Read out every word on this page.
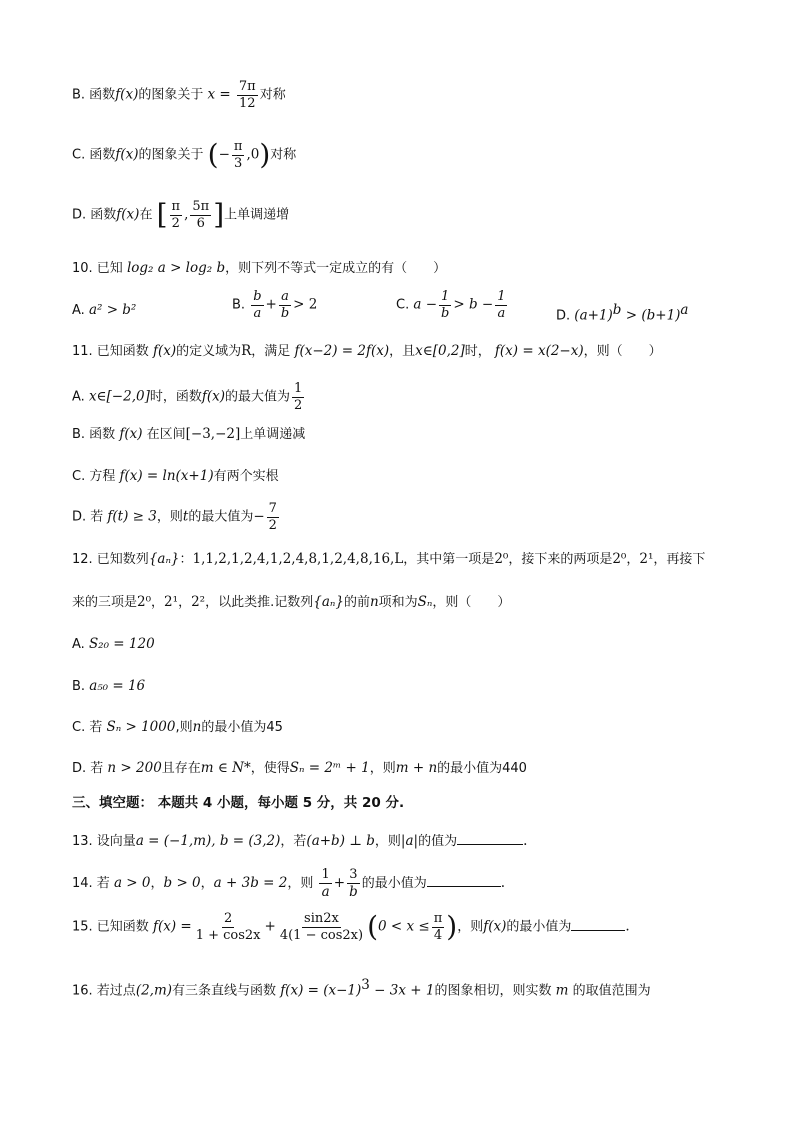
B. 函数f(x)的图象关于 $x = \frac{7\pi}{12}$ 对称
C. 函数f(x)的图象关于 (− $\frac{\pi}{3} ,0$)对称
D. 函数f(x)在 [ $\frac{\pi}{2}$ , $\frac{5\pi}{6}$ ]上单调递增
10. 已知 log₂ a > log₂ b，则下列不等式一定成立的有（　　）
A. a² > b²	B. $\frac{b}{a} + \frac{a}{b} > 2$	C. $a - \frac{1}{b} > b - \frac{1}{a}$	D. $(a+1)^b > (b+1)^a$
11. 已知函数 f(x)的定义域为R，满足 f(x−2) = 2f(x)，且x∈[0,2]时， f(x) = x(2−x)，则（　　）
A. x∈[−2,0]时，函数f(x)的最大值为 $\frac{1}{2}$
B. 函数 f(x) 在区间[−3,−2]上单调递减
C. 方程 f(x) = ln(x+1)有两个实根
D. 若 f(t) ≥ 3，则t的最大值为− $\frac{7}{2}$
12. 已知数列{aₙ}：1,1,2,1,2,4,1,2,4,8,1,2,4,8,16,L，其中第一项是2⁰，接下来的两项是2⁰，2¹，再接下
来的三项是2⁰，2¹，2²，以此类推.记数列{aₙ}的前n项和为Sₙ，则（　　）
A. S₂₀ = 120
B. a₅₀ = 16
C. 若 Sₙ > 1000,则n的最小值为45
D. 若 n > 200且存在m ∈ N*，使得Sₙ = 2ᵐ + 1，则m + n的最小值为440
三、填空题： 本题共 4 小题，每小题 5 分，共 20 分.
13. 设向量a = (−1,m), b = (3,2)，若(a+b) ⊥ b，则|a|的值为	.
14. 若 a > 0，b > 0，a + 3b = 2，则 $\frac{1}{a} + \frac{3}{b}$ 的最小值为	.
15. 已知函数 $f(x) = \frac{2}{1 + \cos 2x} + \frac{\sin 2x}{4(1 - \cos 2x)} (0 < x \le \frac{\pi}{4}$ )，则f(x)的最小值为	.
16. 若过点(2,m)有三条直线与函数 $f(x) = (x-1)^3 - 3x + 1$的图象相切，则实数 m 的取值范围为
